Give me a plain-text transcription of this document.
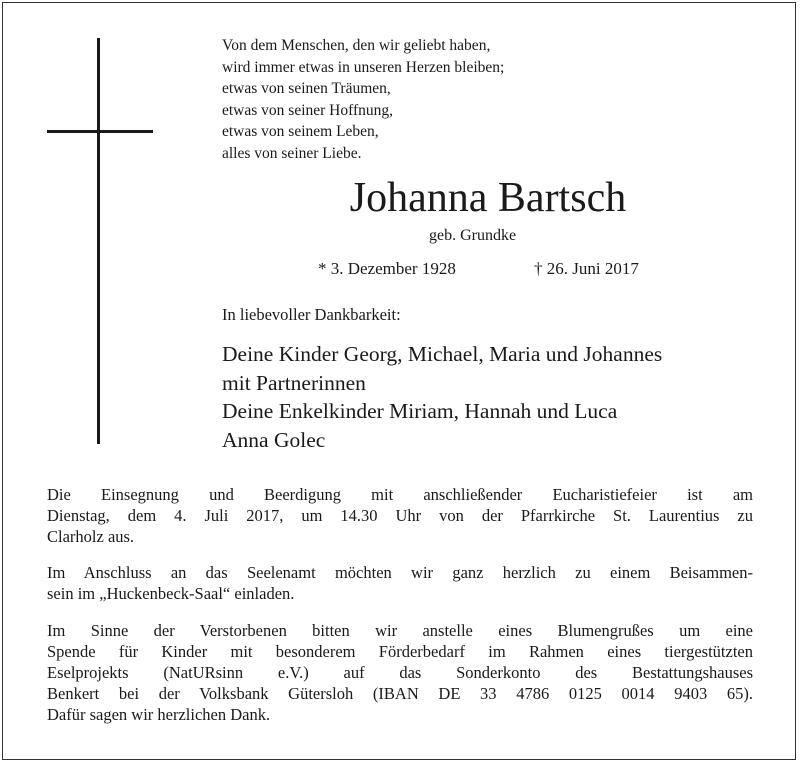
Von dem Menschen, den wir geliebt haben,
wird immer etwas in unseren Herzen bleiben;
etwas von seinen Träumen,
etwas von seiner Hoffnung,
etwas von seinem Leben,
alles von seiner Liebe.
Johanna Bartsch
geb. Grundke
* 3. Dezember 1928	† 26. Juni 2017
In liebevoller Dankbarkeit:
Deine Kinder Georg, Michael, Maria und Johannes
mit Partnerinnen
Deine Enkelkinder Miriam, Hannah und Luca
Anna Golec
Die Einsegnung und Beerdigung mit anschließender Eucharistiefeier ist am
Dienstag, dem 4. Juli 2017, um 14.30 Uhr von der Pfarrkirche St. Laurentius zu
Clarholz aus.
Im Anschluss an das Seelenamt möchten wir ganz herzlich zu einem Beisammen-
sein im „Huckenbeck-Saal“ einladen.
Im Sinne der Verstorbenen bitten wir anstelle eines Blumengrußes um eine
Spende für Kinder mit besonderem Förderbedarf im Rahmen eines tiergestützten
Eselprojekts (NatURsinn e.V.) auf das Sonderkonto des Bestattungshauses
Benkert bei der Volksbank Gütersloh (IBAN DE 33 4786 0125 0014 9403 65).
Dafür sagen wir herzlichen Dank.
